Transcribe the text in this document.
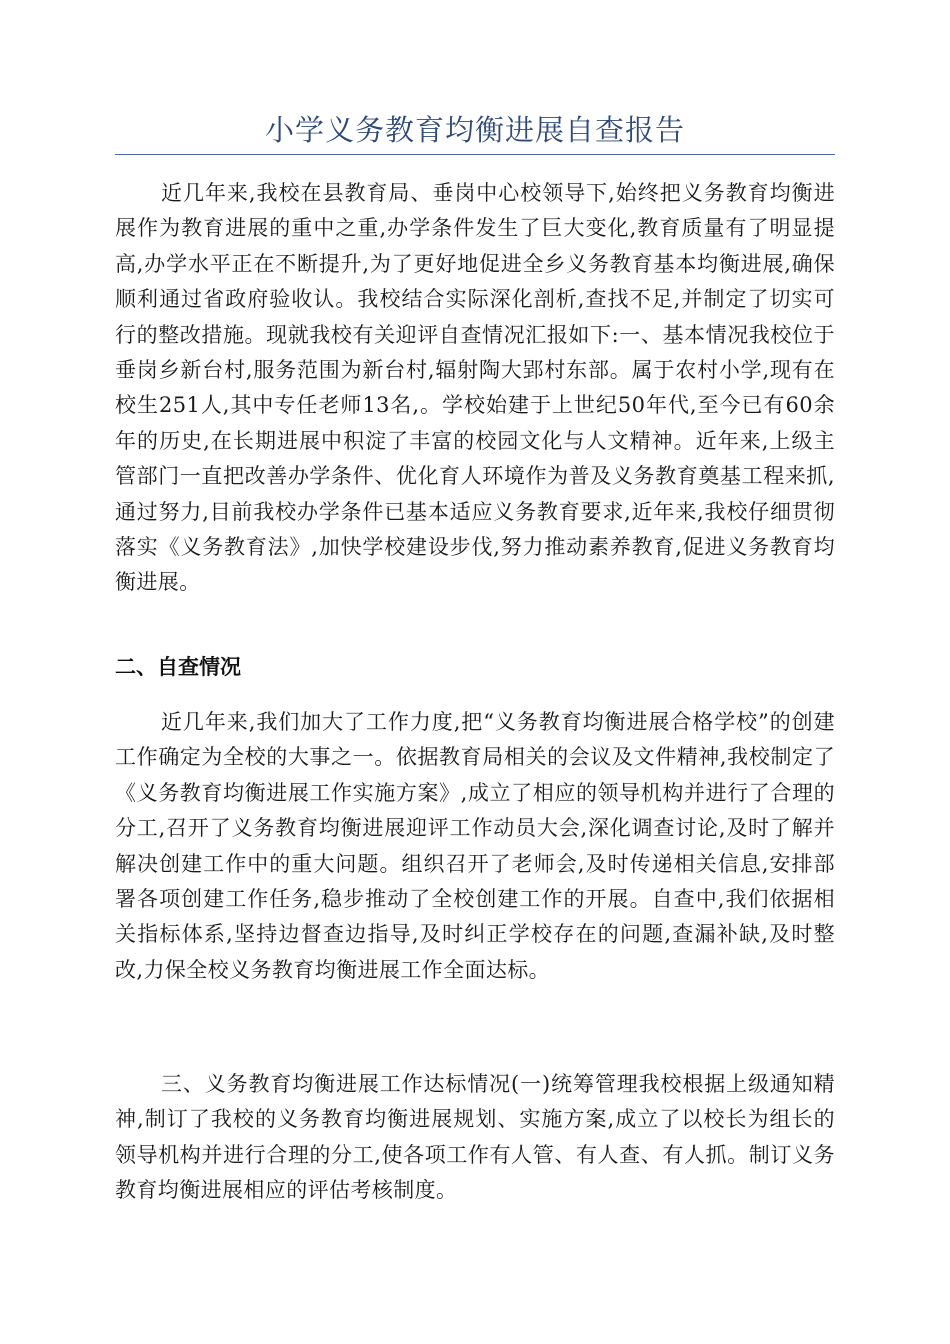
小学义务教育均衡进展自查报告

近几年来,我校在县教育局、垂岗中心校领导下,始终把义务教育均衡进展作为教育进展的重中之重,办学条件发生了巨大变化,教育质量有了明显提高,办学水平正在不断提升,为了更好地促进全乡义务教育基本均衡进展,确保顺利通过省政府验收认。我校结合实际深化剖析,查找不足,并制定了切实可行的整改措施。现就我校有关迎评自查情况汇报如下:一、基本情况我校位于垂岗乡新台村,服务范围为新台村,辐射陶大郢村东部。属于农村小学,现有在校生251人,其中专任老师13名,。学校始建于上世纪50年代,至今已有60余年的历史,在长期进展中积淀了丰富的校园文化与人文精神。近年来,上级主管部门一直把改善办学条件、优化育人环境作为普及义务教育奠基工程来抓,通过努力,目前我校办学条件已基本适应义务教育要求,近年来,我校仔细贯彻落实《义务教育法》,加快学校建设步伐,努力推动素养教育,促进义务教育均衡进展。

二、自查情况

近几年来,我们加大了工作力度,把“义务教育均衡进展合格学校”的创建工作确定为全校的大事之一。依据教育局相关的会议及文件精神,我校制定了《义务教育均衡进展工作实施方案》,成立了相应的领导机构并进行了合理的分工,召开了义务教育均衡进展迎评工作动员大会,深化调查讨论,及时了解并解决创建工作中的重大问题。组织召开了老师会,及时传递相关信息,安排部署各项创建工作任务,稳步推动了全校创建工作的开展。自查中,我们依据相关指标体系,坚持边督查边指导,及时纠正学校存在的问题,查漏补缺,及时整改,力保全校义务教育均衡进展工作全面达标。

三、义务教育均衡进展工作达标情况(一)统筹管理我校根据上级通知精神,制订了我校的义务教育均衡进展规划、实施方案,成立了以校长为组长的领导机构并进行合理的分工,使各项工作有人管、有人查、有人抓。制订义务教育均衡进展相应的评估考核制度。
